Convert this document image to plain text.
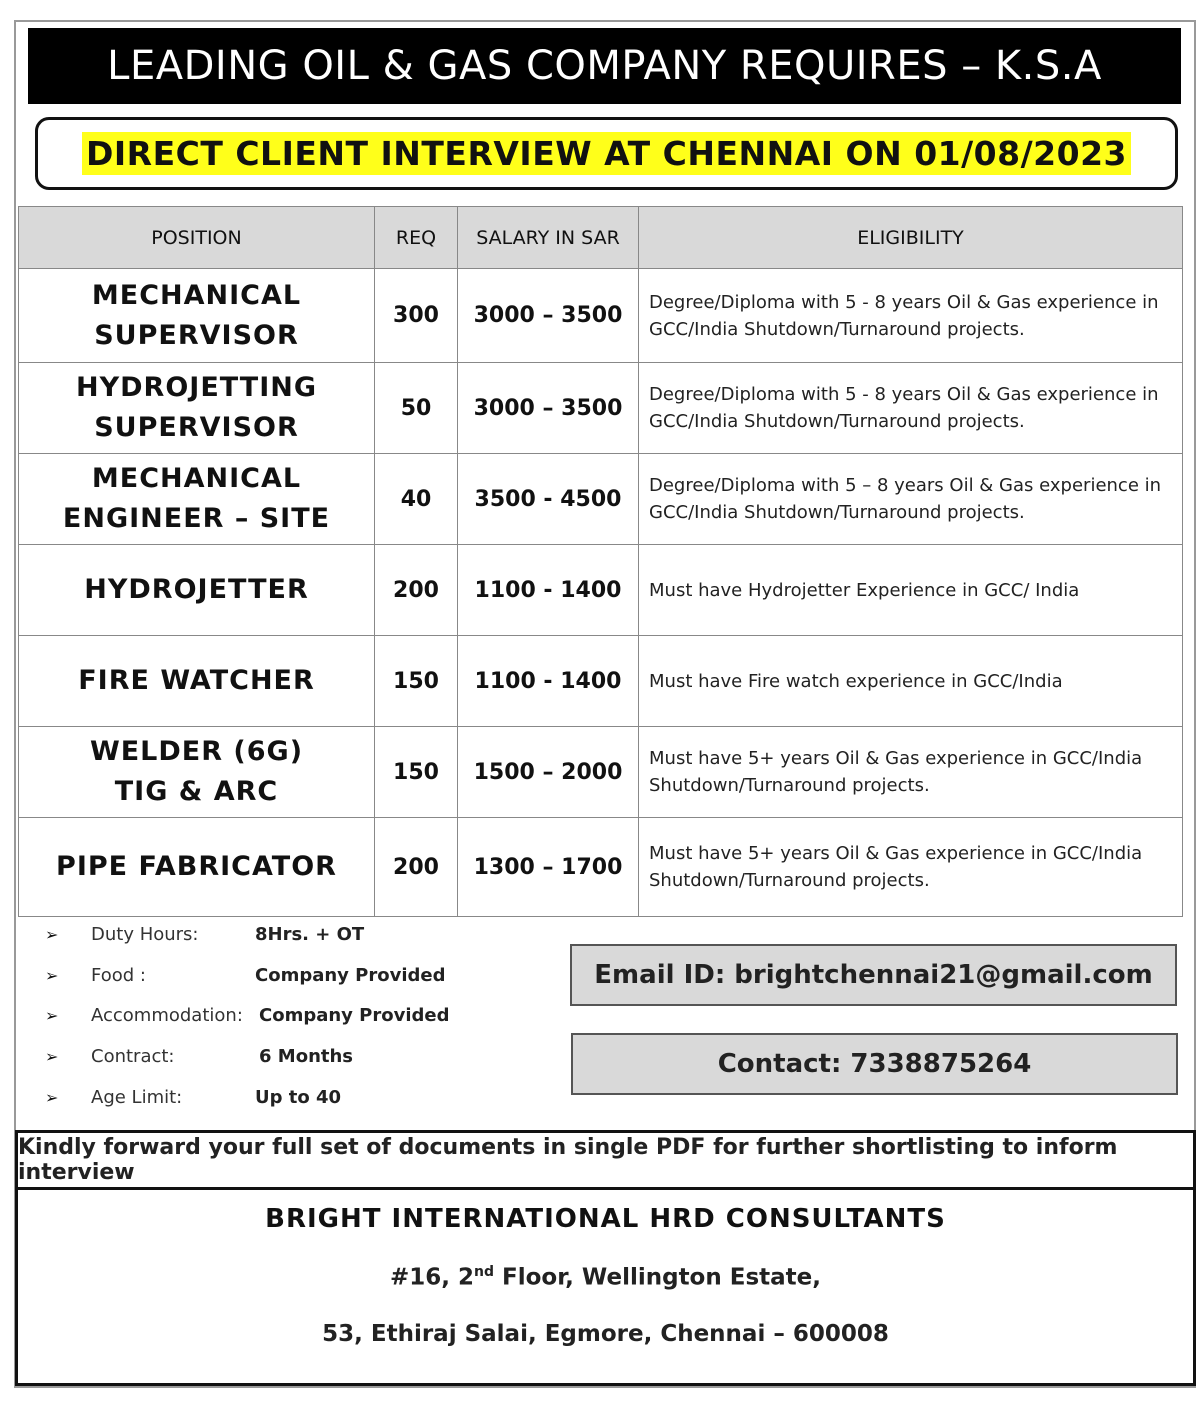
LEADING OIL & GAS COMPANY REQUIRES – K.S.A
DIRECT CLIENT INTERVIEW AT CHENNAI ON 01/08/2023
POSITION	REQ	SALARY IN SAR	ELIGIBILITY

MECHANICAL
SUPERVISOR	300	3000 – 3500	Degree/Diploma with 5 - 8 years Oil & Gas experience in GCC/India Shutdown/Turnaround projects.

HYDROJETTING
SUPERVISOR	50	3000 – 3500	Degree/Diploma with 5 - 8 years Oil & Gas experience in GCC/India Shutdown/Turnaround projects.

MECHANICAL
ENGINEER – SITE	40	3500 - 4500	Degree/Diploma with 5 – 8 years Oil & Gas experience in GCC/India Shutdown/Turnaround projects.

HYDROJETTER	200	1100 - 1400	Must have Hydrojetter Experience in GCC/ India

FIRE WATCHER	150	1100 - 1400	Must have Fire watch experience in GCC/India

WELDER (6G)
TIG & ARC	150	1500 – 2000	Must have 5+ years Oil & Gas experience in GCC/India Shutdown/Turnaround projects.

PIPE FABRICATOR	200	1300 – 1700	Must have 5+ years Oil & Gas experience in GCC/India Shutdown/Turnaround projects.
➢	Duty Hours:	8Hrs. + OT
➢	Food :	Company Provided
➢	Accommodation: Company Provided
➢	Contract:	6 Months
➢	Age Limit:	Up to 40
Email ID: brightchennai21@gmail.com
Contact: 7338875264
Kindly forward your full set of documents in single PDF for further shortlisting to inform interview
BRIGHT INTERNATIONAL HRD CONSULTANTS
#16, 2nd Floor, Wellington Estate,
53, Ethiraj Salai, Egmore, Chennai – 600008
